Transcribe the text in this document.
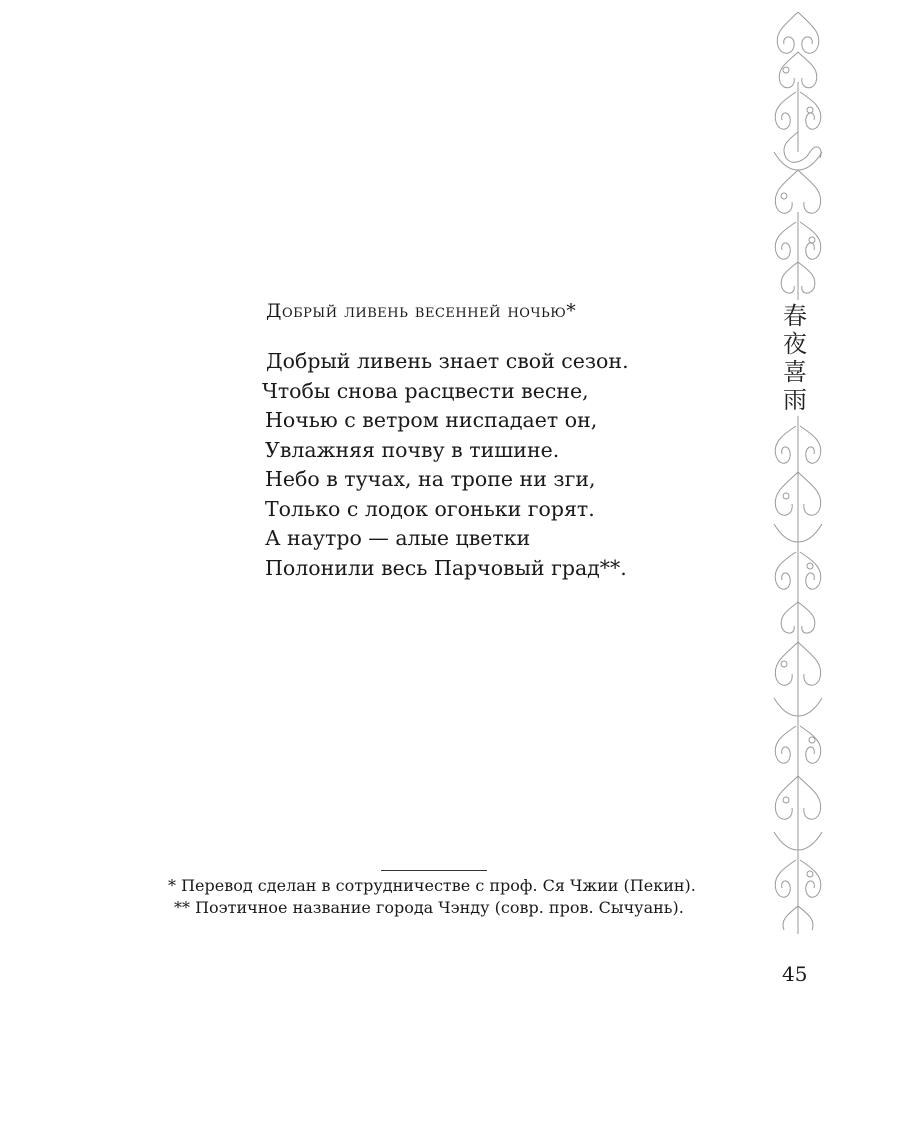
春
夜
喜
雨
Добрый ливень весенней ночью*
Добрый ливень знает свой сезон.
Чтобы снова расцвести весне,
Ночью с ветром ниспадает он,
Увлажняя почву в тишине.
Небо в тучах, на тропе ни зги,
Только с лодок огоньки горят.
А наутро — алые цветки
Полонили весь Парчовый град**.
* Перевод сделан в сотрудничестве с проф. Ся Чжии (Пекин).
** Поэтичное название города Чэнду (совр. пров. Сычуань).
45
